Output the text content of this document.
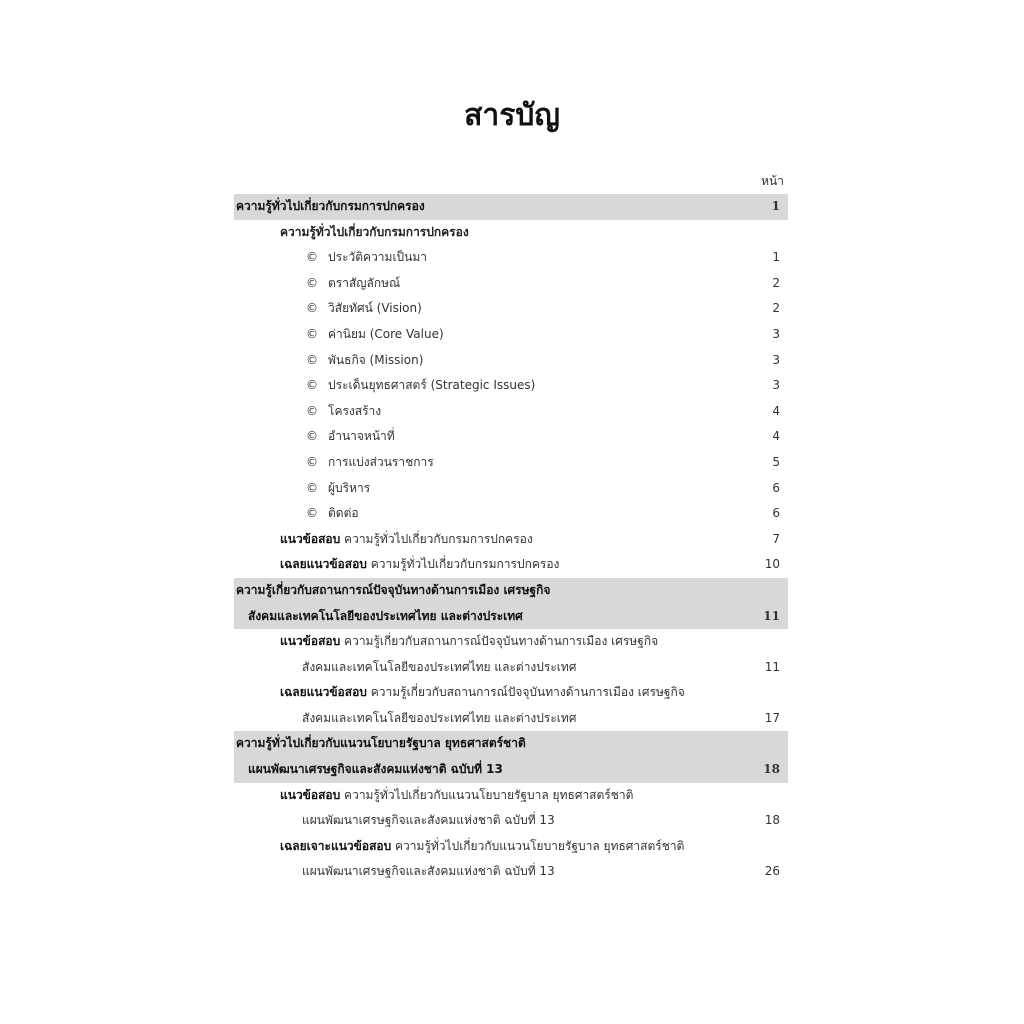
สารบัญ
หน้า
ความรู้ทั่วไปเกี่ยวกับกรมการปกครอง	1
ความรู้ทั่วไปเกี่ยวกับกรมการปกครอง
© ประวัติความเป็นมา	1
© ตราสัญลักษณ์	2
© วิสัยทัศน์ (Vision)	2
© ค่านิยม (Core Value)	3
© พันธกิจ (Mission)	3
© ประเด็นยุทธศาสตร์ (Strategic Issues)	3
© โครงสร้าง	4
© อำนาจหน้าที่	4
© การแบ่งส่วนราชการ	5
© ผู้บริหาร	6
© ติดต่อ	6
แนวข้อสอบ ความรู้ทั่วไปเกี่ยวกับกรมการปกครอง	7
เฉลยแนวข้อสอบ ความรู้ทั่วไปเกี่ยวกับกรมการปกครอง	10
ความรู้เกี่ยวกับสถานการณ์ปัจจุบันทางด้านการเมือง เศรษฐกิจ
สังคมและเทคโนโลยีของประเทศไทย และต่างประเทศ	11
แนวข้อสอบ ความรู้เกี่ยวกับสถานการณ์ปัจจุบันทางด้านการเมือง เศรษฐกิจ
สังคมและเทคโนโลยีของประเทศไทย และต่างประเทศ	11
เฉลยแนวข้อสอบ ความรู้เกี่ยวกับสถานการณ์ปัจจุบันทางด้านการเมือง เศรษฐกิจ
สังคมและเทคโนโลยีของประเทศไทย และต่างประเทศ	17
ความรู้ทั่วไปเกี่ยวกับแนวนโยบายรัฐบาล ยุทธศาสตร์ชาติ
แผนพัฒนาเศรษฐกิจและสังคมแห่งชาติ ฉบับที่ 13	18
แนวข้อสอบ ความรู้ทั่วไปเกี่ยวกับแนวนโยบายรัฐบาล ยุทธศาสตร์ชาติ
แผนพัฒนาเศรษฐกิจและสังคมแห่งชาติ ฉบับที่ 13	18
เฉลยเจาะแนวข้อสอบ ความรู้ทั่วไปเกี่ยวกับแนวนโยบายรัฐบาล ยุทธศาสตร์ชาติ
แผนพัฒนาเศรษฐกิจและสังคมแห่งชาติ ฉบับที่ 13	26
